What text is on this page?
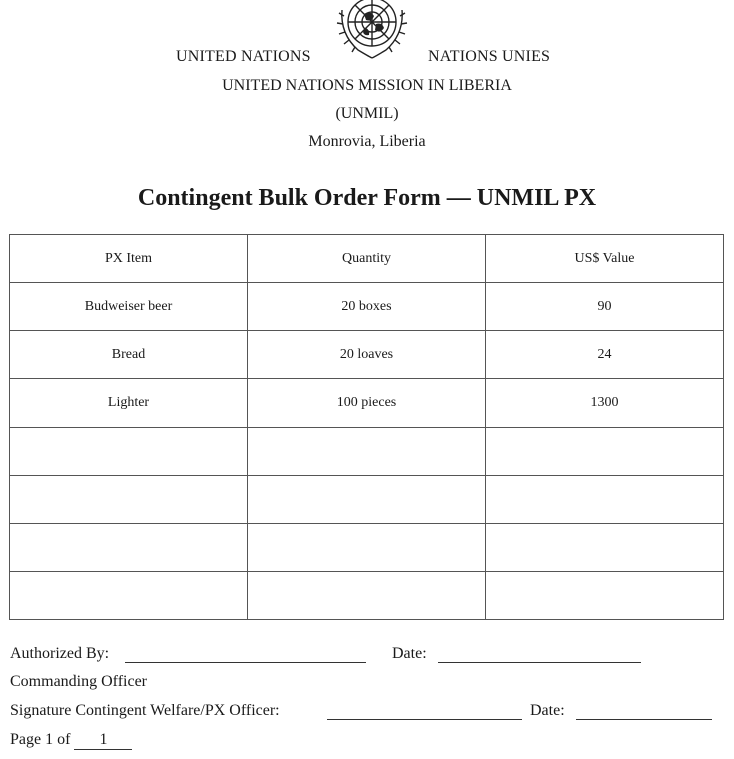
UNITED NATIONS	NATIONS UNIES
UNITED NATIONS MISSION IN LIBERIA
(UNMIL)
Monrovia, Liberia
Contingent Bulk Order Form — UNMIL PX
PX Item	Quantity	US$ Value
Budweiser beer	20 boxes	90
Bread	20 loaves	24
Lighter	100 pieces	1300

Authorized By:	Date:
Commanding Officer
Signature Contingent Welfare/PX Officer:	Date:
Page 1 of 1
